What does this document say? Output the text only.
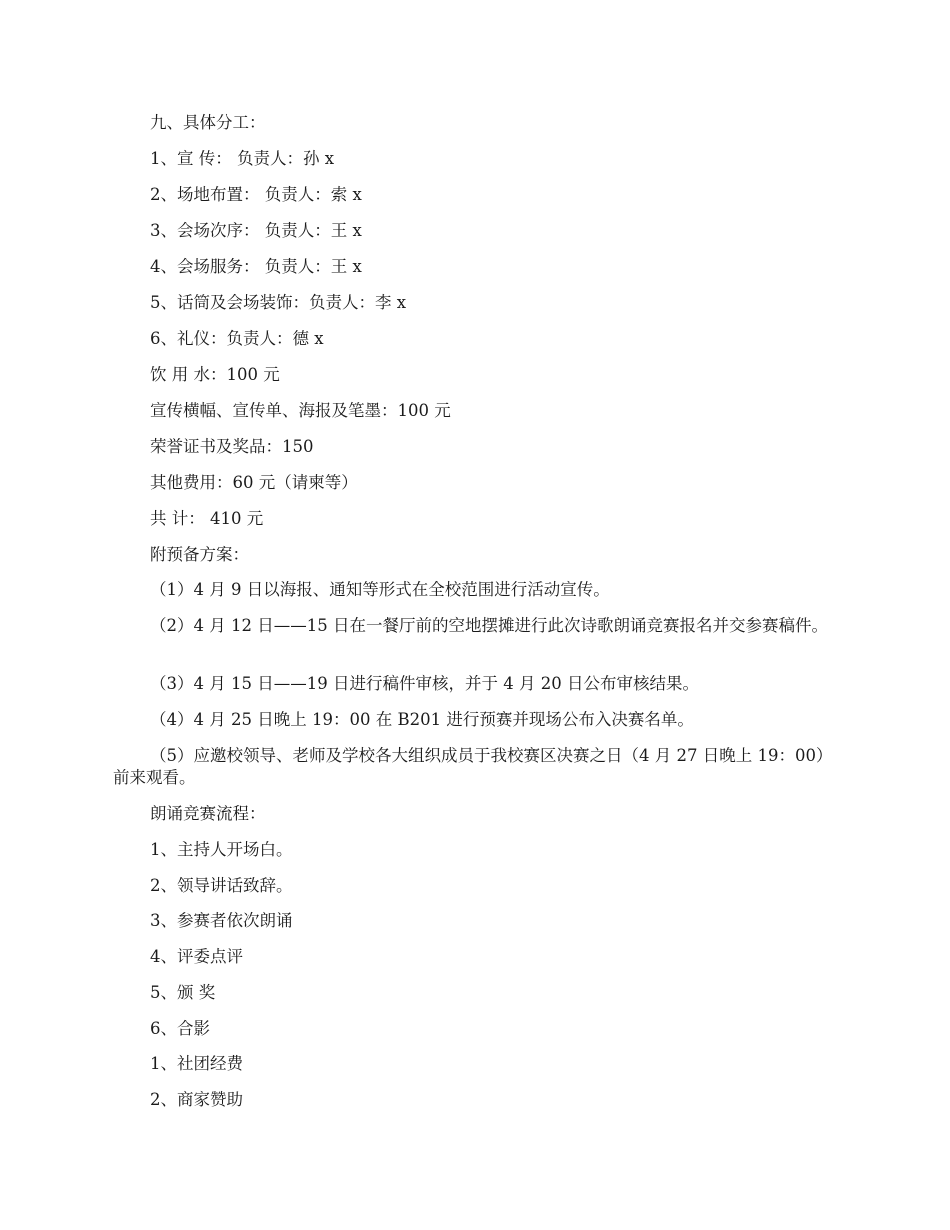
九、具体分工：
1、宣 传： 负责人：孙 x
2、场地布置： 负责人：索 x
3、会场次序： 负责人：王 x
4、会场服务： 负责人：王 x
5、话筒及会场装饰：负责人：李 x
6、礼仪：负责人：德 x
饮 用 水：100 元
宣传横幅、宣传单、海报及笔墨：100 元
荣誉证书及奖品：150
其他费用：60 元（请柬等）
共 计： 410 元
附预备方案：
（1）4 月 9 日以海报、通知等形式在全校范围进行活动宣传。
（2）4 月 12 日——15 日在一餐厅前的空地摆摊进行此次诗歌朗诵竞赛报名并交参赛稿件。
（3）4 月 15 日——19 日进行稿件审核，并于 4 月 20 日公布审核结果。
（4）4 月 25 日晚上 19：00 在 B201 进行预赛并现场公布入决赛名单。
（5）应邀校领导、老师及学校各大组织成员于我校赛区决赛之日（4 月 27 日晚上 19：00）前来观看。
朗诵竞赛流程：
1、主持人开场白。
2、领导讲话致辞。
3、参赛者依次朗诵
4、评委点评
5、颁 奖
6、合影
1、社团经费
2、商家赞助
